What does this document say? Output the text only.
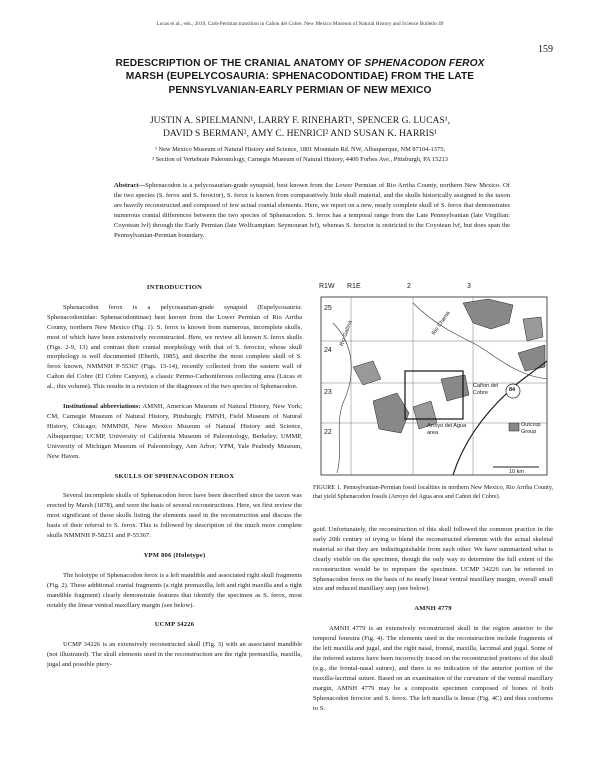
Lucas et al., eds., 2010, Carb-Permian transition in Cañon del Cobre. New Mexico Museum of Natural History and Science Bulletin 49
159
REDESCRIPTION OF THE CRANIAL ANATOMY OF SPHENACODON FEROX
MARSH (EUPELYCOSAURIA: SPHENACODONTIDAE) FROM THE LATE
PENNSYLVANIAN-EARLY PERMIAN OF NEW MEXICO
JUSTIN A. SPIELMANN¹, LARRY F. RINEHART¹, SPENCER G. LUCAS¹,
DAVID S BERMAN², AMY C. HENRICI² AND SUSAN K. HARRIS¹
¹ New Mexico Museum of Natural History and Science, 1801 Mountain Rd. NW, Albuquerque, NM 87104-1375;
² Section of Vertebrate Paleontology, Carnegie Museum of Natural History, 4400 Forbes Ave., Pittsburgh, PA 15213
Abstract—Sphenacodon is a pelycosaurian-grade synapsid, best known from the Lower Permian of Rio Arriba County, northern New Mexico. Of the two species (S. ferox and S. ferocior), S. ferox is known from comparatively little skull material, and the skulls historically assigned to the taxon are heavily reconstructed and composed of few actual cranial elements. Here, we report on a new, nearly complete skull of S. ferox that demonstrates numerous cranial differences between the two species of Sphenacodon. S. ferox has a temporal range from the Late Pennsylvanian (late Virgilian: Coyotean lvf) through the Early Permian (late Wolfcampian: Seymouran lvf), whereas S. ferocior is restricted to the Coyotean lvf, but does span the Pennsylvanian-Permian boundary.
INTRODUCTION

Sphenacodon ferox is a pelycosaurian-grade synapsid (Eupelycosauria: Sphenacodontidae: Sphenacodontinae) best known from the Lower Permian of Rio Arriba County, northern New Mexico (Fig. 1). S. ferox is known from numerous, incomplete skulls, most of which have been extensively reconstructed. Here, we review all known S. ferox skulls (Figs. 2-9, 13) and contrast their cranial morphology with that of S. ferocior, whose skull morphology is well documented (Eberth, 1985), and describe the most complete skull of S. ferox known, NMMNH P-55367 (Figs. 13-14), recently collected from the eastern wall of Cañon del Cobre (El Cobre Canyon), a classic Permo-Carboniferous collecting area (Lucas et al., this volume). This results in a revision of the diagnoses of the two species of Sphenacodon.

Institutional abbreviations: AMNH, American Museum of Natural History, New York; CM, Carnegie Museum of Natural History, Pittsburgh; FMNH, Field Museum of Natural History, Chicago; NMMNH, New Mexico Museum of Natural History and Science, Albuquerque; UCMP, University of California Museum of Paleontology, Berkeley; UMMP, University of Michigan Museum of Paleontology, Ann Arbor; YPM, Yale Peabody Museum, New Haven.

SKULLS OF SPHENACODON FEROX

Several incomplete skulls of Sphenacodon ferox have been described since the taxon was erected by Marsh (1878), and were the basis of several reconstructions. Here, we first review the most significant of those skulls listing the elements used in the reconstruction and discuss the basis of their referral to S. ferox. This is followed by description of the much more complete skulls NMMNH P-58231 and P-55367.

YPM 806 (Holotype)

The holotype of Sphenacodon ferox is a left mandible and associated right skull fragments (Fig. 2). These additional cranial fragments (a right premaxilla, left and right maxilla and a right mandible fragment) clearly demonstrate features that identify the specimen as S. ferox, most notably the linear ventral maxillary margin (see below).

UCMP 34226

UCMP 34226 is an extensively reconstructed skull (Fig. 3) with an associated mandible (not illustrated). The skull elements used in the reconstruction are the right premaxilla, maxilla, jugal and possible ptery-

R1W R1E	2	3
25
24
23
22
Rio Gallina	Rio Chama
Arroyo del Agua area
Cañon del Cobre	84
Outcrop
Group
10 km
FIGURE 1. Pennsylvanian-Permian fossil localities in northern New Mexico, Rio Arriba County, that yield Sphenacodon fossils (Arroyo del Agua area and Cañon del Cobre).

goid. Unfortunately, the reconstruction of this skull followed the common practice in the early 20th century of trying to blend the reconstructed elements with the actual skeletal material so that they are indistinguishable from each other. We have summarized what is clearly visible on the specimen, though the only way to determine the full extent of the reconstruction would be to reprepare the specimen. UCMP 34226 can be referred to Sphenacodon ferox on the basis of its nearly linear ventral maxillary margin, overall small size and reduced maxillary step (see below).

AMNH 4779

AMNH 4779 is an extensively reconstructed skull in the region anterior to the temporal fenestra (Fig. 4). The elements used in the reconstruction include fragments of the left maxilla and jugal, and the right nasal, frontal, maxilla, lacrimal and jugal. Some of the inferred sutures have been incorrectly traced on the reconstructed portions of the skull (e.g., the frontal-nasal suture), and there is no indication of the anterior portion of the maxilla-lacrimal suture. Based on an examination of the curvature of the ventral maxillary margin, AMNH 4779 may be a composite specimen composed of bones of both Sphenacodon ferocior and S. ferox. The left maxilla is linear (Fig. 4C) and thus conforms to S.
